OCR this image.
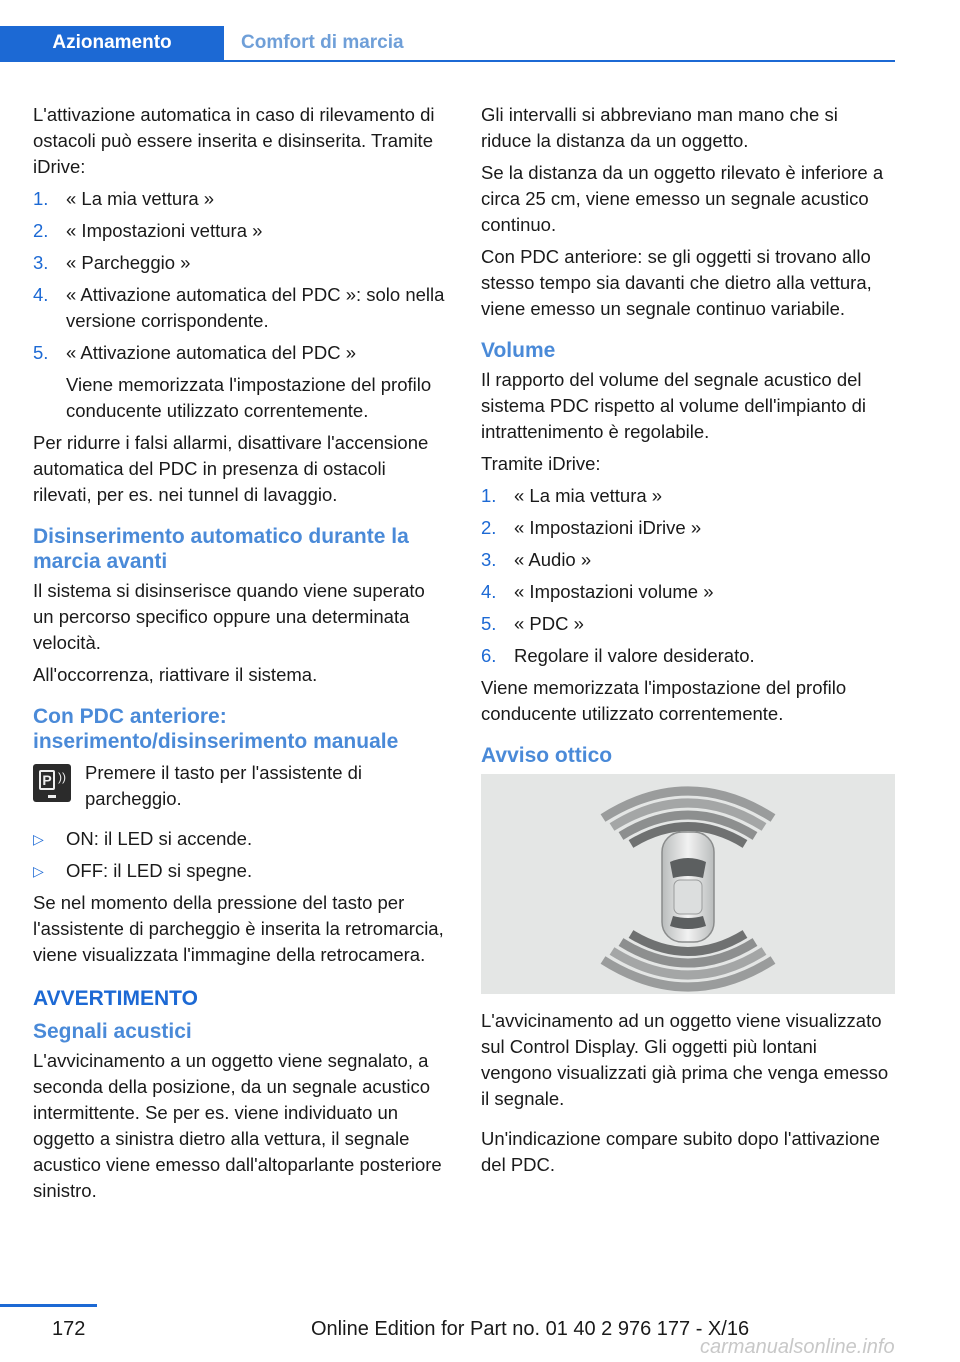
Azionamento	Comfort di marcia

L'attivazione automatica in caso di rilevamento di ostacoli può essere inserita e disinserita. Tramite iDrive:

1. « La mia vettura »
2. « Impostazioni vettura »
3. « Parcheggio »
4. « Attivazione automatica del PDC »: solo nella versione corrispondente.
5. « Attivazione automatica del PDC »
Viene memorizzata l'impostazione del profilo conducente utilizzato correntemente.

Per ridurre i falsi allarmi, disattivare l'accensione automatica del PDC in presenza di ostacoli rilevati, per es. nei tunnel di lavaggio.

Disinserimento automatico durante la marcia avanti

Il sistema si disinserisce quando viene superato un percorso specifico oppure una determinata velocità.

All'occorrenza, riattivare il sistema.

Con PDC anteriore: inserimento/disinserimento manuale
P )) Premere il tasto per l'assistente di parcheggio.
▷ ON: il LED si accende.
▷ OFF: il LED si spegne.

Se nel momento della pressione del tasto per l'assistente di parcheggio è inserita la retromarcia, viene visualizzata l'immagine della retrocamera.

AVVERTIMENTO
Segnali acustici

L'avvicinamento a un oggetto viene segnalato, a seconda della posizione, da un segnale acustico intermittente. Se per es. viene individuato un oggetto a sinistra dietro alla vettura, il segnale acustico viene emesso dall'altoparlante posteriore sinistro.

Gli intervalli si abbreviano man mano che si riduce la distanza da un oggetto.

Se la distanza da un oggetto rilevato è inferiore a circa 25 cm, viene emesso un segnale acustico continuo.

Con PDC anteriore: se gli oggetti si trovano allo stesso tempo sia davanti che dietro alla vettura, viene emesso un segnale continuo variabile.

Volume

Il rapporto del volume del segnale acustico del sistema PDC rispetto al volume dell'impianto di intrattenimento è regolabile.

Tramite iDrive:

1. « La mia vettura »
2. « Impostazioni iDrive »
3. « Audio »
4. « Impostazioni volume »
5. « PDC »
6. Regolare il valore desiderato.

Viene memorizzata l'impostazione del profilo conducente utilizzato correntemente.

Avviso ottico

L'avvicinamento ad un oggetto viene visualizzato sul Control Display. Gli oggetti più lontani vengono visualizzati già prima che venga emesso il segnale.

Un'indicazione compare subito dopo l'attivazione del PDC.

172	Online Edition for Part no. 01 40 2 976 177 - X/16
carmanualsonline.info
